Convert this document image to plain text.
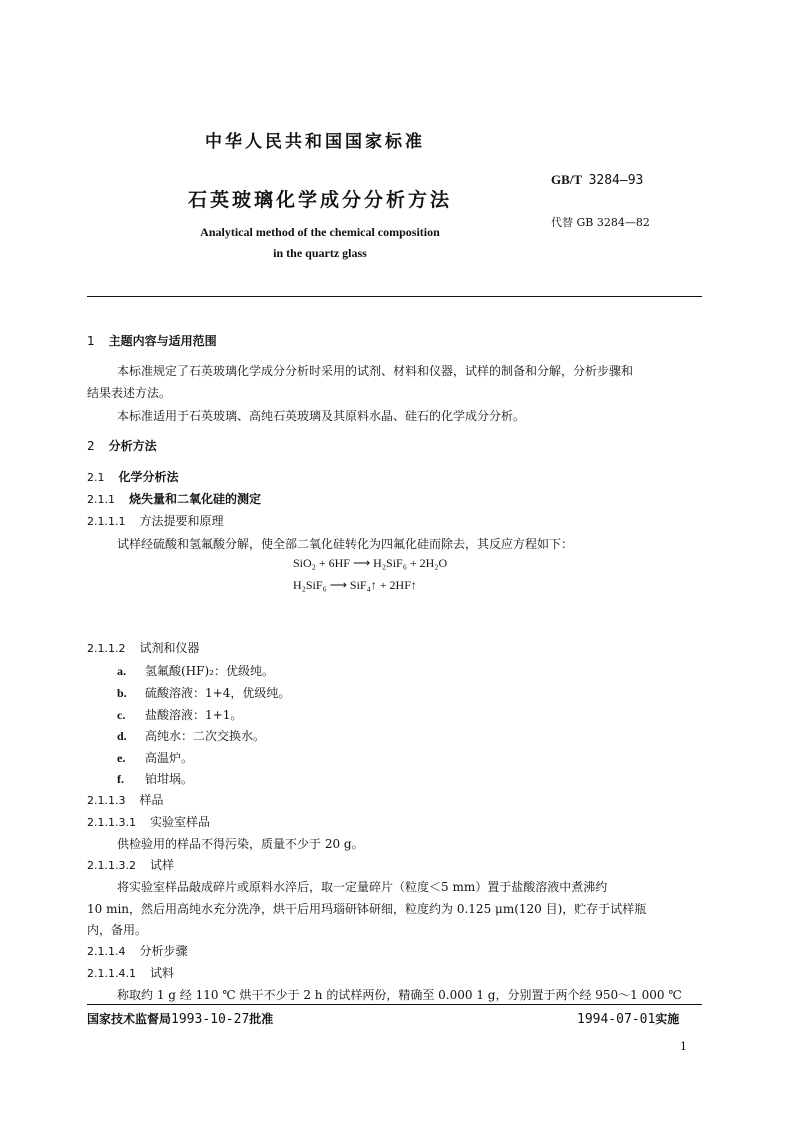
中华人民共和国国家标准
GB/T 3284—93
石英玻璃化学成分分析方法
代替 GB 3284—82
Analytical method of the chemical composition
in the quartz glass
1 主题内容与适用范围
本标准规定了石英玻璃化学成分分析时采用的试剂、材料和仪器，试样的制备和分解，分析步骤和
结果表述方法。
本标准适用于石英玻璃、高纯石英玻璃及其原料水晶、硅石的化学成分分析。
2 分析方法
2.1 化学分析法
2.1.1 烧失量和二氧化硅的测定
2.1.1.1 方法提要和原理
试样经硫酸和氢氟酸分解，使全部二氧化硅转化为四氟化硅而除去，其反应方程如下：
SiO₂ + 6HF ⟶ H₂SiF₆ + 2H₂O
H₂SiF₆ ⟶ SiF₄↑ + 2HF↑
2.1.1.2 试剂和仪器
a. 氢氟酸(HF)₂：优级纯。
b. 硫酸溶液：1+4，优级纯。
c. 盐酸溶液：1+1。
d. 高纯水：二次交换水。
e. 高温炉。
f. 铂坩埚。
2.1.1.3 样品
2.1.1.3.1 实验室样品
供检验用的样品不得污染，质量不少于 20 g。
2.1.1.3.2 试样
将实验室样品敲成碎片或原料水淬后，取一定量碎片（粒度＜5 mm）置于盐酸溶液中煮沸约
10 min，然后用高纯水充分洗净，烘干后用玛瑙研钵研细，粒度约为 0.125 μm(120 目)，贮存于试样瓶
内，备用。
2.1.1.4 分析步骤
2.1.1.4.1 试料
称取约 1 g 经 110 ℃ 烘干不少于 2 h 的试样两份，精确至 0.000 1 g，分别置于两个经 950～1 000 ℃
国家技术监督局1993-10-27批准	1994-07-01实施
1
